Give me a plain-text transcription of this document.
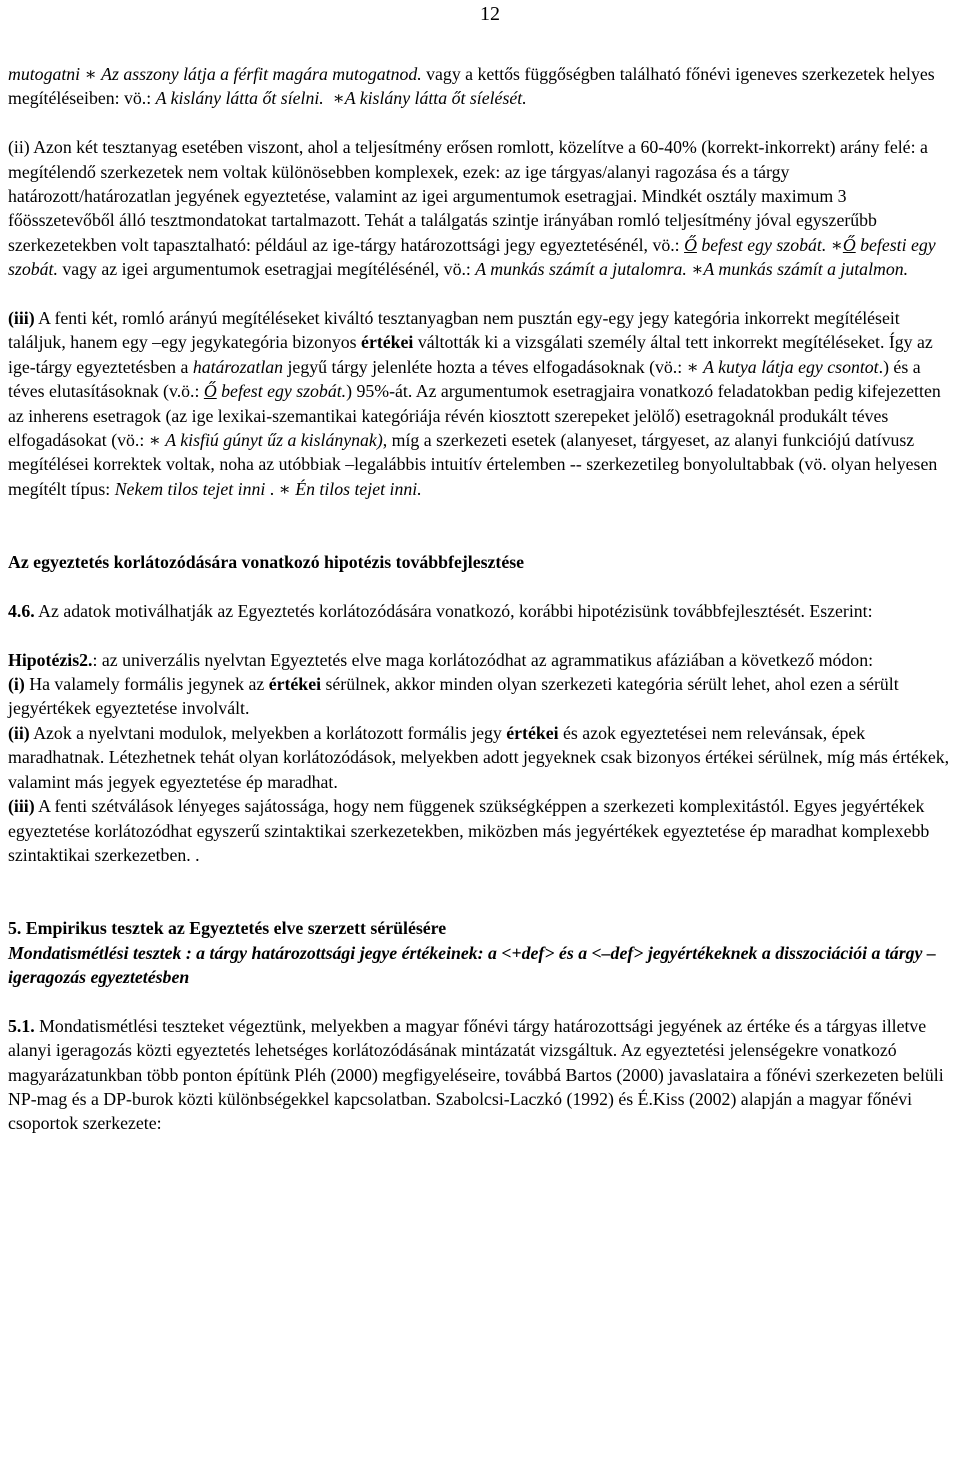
12

mutogatni ∗ Az asszony látja a férfit magára mutogatnod. vagy a kettős függőségben található főnévi igeneves szerkezetek helyes megítéléseiben: vö.: A kislány látta őt síelni. ∗A kislány látta őt síelését.

(ii) Azon két tesztanyag esetében viszont, ahol a teljesítmény erősen romlott, közelítve a 60-40% (korrekt-inkorrekt) arány felé: a megítélendő szerkezetek nem voltak különösebben komplexek, ezek: az ige tárgyas/alanyi ragozása és a tárgy határozott/határozatlan jegyének egyeztetése, valamint az igei argumentumok esetragjai. Mindkét osztály maximum 3 főösszetevőből álló tesztmondatokat tartalmazott. Tehát a találgatás szintje irányában romló teljesítmény jóval egyszerűbb szerkezetekben volt tapasztalható: például az ige-tárgy határozottsági jegy egyeztetésénél, vö.: Ő befest egy szobát. ∗Ő befesti egy szobát. vagy az igei argumentumok esetragjai megítélésénél, vö.: A munkás számít a jutalomra. ∗A munkás számít a jutalmon.

(iii) A fenti két, romló arányú megítéléseket kiváltó tesztanyagban nem pusztán egy-egy jegy kategória inkorrekt megítéléseit találjuk, hanem egy –egy jegykategória bizonyos értékei váltották ki a vizsgálati személy által tett inkorrekt megítéléseket. Így az ige-tárgy egyeztetésben a határozatlan jegyű tárgy jelenléte hozta a téves elfogadásoknak (vö.: ∗ A kutya látja egy csontot.) és a téves elutasításoknak (v.ö.: Ő befest egy szobát.) 95%-át. Az argumentumok esetragjaira vonatkozó feladatokban pedig kifejezetten az inherens esetragok (az ige lexikai-szemantikai kategóriája révén kiosztott szerepeket jelölő) esetragoknál produkált téves elfogadásokat (vö.: ∗ A kisfiú gúnyt űz a kislánynak), míg a szerkezeti esetek (alanyeset, tárgyeset, az alanyi funkciójú datívusz megítélései korrektek voltak, noha az utóbbiak –legalábbis intuitív értelemben -- szerkezetileg bonyolultabbak (vö. olyan helyesen megítélt típus: Nekem tilos tejet inni . ∗ Én tilos tejet inni.

Az egyeztetés korlátozódására vonatkozó hipotézis továbbfejlesztése

4.6. Az adatok motiválhatják az Egyeztetés korlátozódására vonatkozó, korábbi hipotézisünk továbbfejlesztését. Eszerint:

Hipotézis2.: az univerzális nyelvtan Egyeztetés elve maga korlátozódhat az agrammatikus afáziában a következő módon:

(i) Ha valamely formális jegynek az értékei sérülnek, akkor minden olyan szerkezeti kategória sérült lehet, ahol ezen a sérült jegyértékek egyeztetése involvált.

(ii) Azok a nyelvtani modulok, melyekben a korlátozott formális jegy értékei és azok egyeztetései nem relevánsak, épek maradhatnak. Létezhetnek tehát olyan korlátozódások, melyekben adott jegyeknek csak bizonyos értékei sérülnek, míg más értékek, valamint más jegyek egyeztetése ép maradhat.

(iii) A fenti szétválások lényeges sajátossága, hogy nem függenek szükségképpen a szerkezeti komplexitástól. Egyes jegyértékek egyeztetése korlátozódhat egyszerű szintaktikai szerkezetekben, miközben más jegyértékek egyeztetése ép maradhat komplexebb szintaktikai szerkezetben. .

5. Empirikus tesztek az Egyeztetés elve szerzett sérülésére

Mondatismétlési tesztek : a tárgy határozottsági jegye értékeinek: a <+def> és a <–def> jegyértékeknek a disszociációi a tárgy – igeragozás egyeztetésben

5.1. Mondatismétlési teszteket végeztünk, melyekben a magyar főnévi tárgy határozottsági jegyének az értéke és a tárgyas illetve alanyi igeragozás közti egyeztetés lehetséges korlátozódásának mintázatát vizsgáltuk. Az egyeztetési jelenségekre vonatkozó magyarázatunkban több ponton építünk Pléh (2000) megfigyeléseire, továbbá Bartos (2000) javaslataira a főnévi szerkezeten belüli NP-mag és a DP-burok közti különbségekkel kapcsolatban. Szabolcsi-Laczkó (1992) és É.Kiss (2002) alapján a magyar főnévi csoportok szerkezete:
